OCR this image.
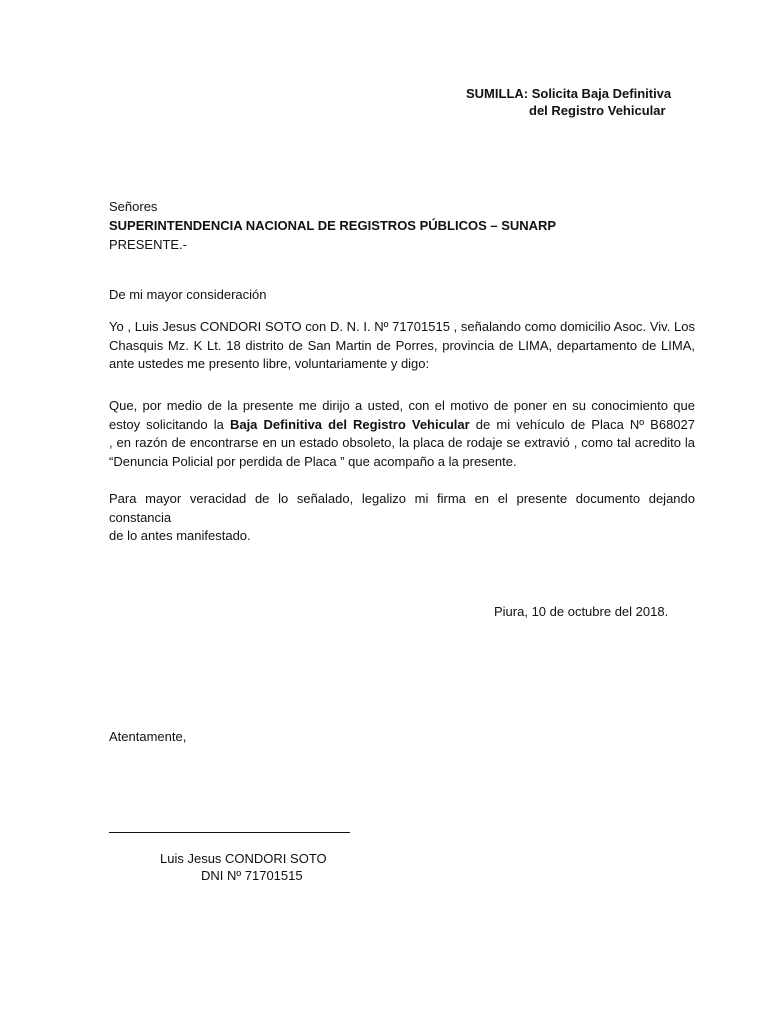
SUMILLA: Solicita Baja Definitiva
del Registro Vehicular
Señores
SUPERINTENDENCIA NACIONAL DE REGISTROS PÚBLICOS – SUNARP
PRESENTE.-
De mi mayor consideración
Yo , Luis Jesus CONDORI SOTO con D. N. I. Nº 71701515 , señalando como domicilio Asoc. Viv. Los
Chasquis Mz. K Lt. 18 distrito de San Martin de Porres, provincia de LIMA, departamento de LIMA,
ante ustedes me presento libre, voluntariamente y digo:
Que, por medio de la presente me dirijo a usted, con el motivo de poner en su conocimiento que
estoy solicitando la Baja Definitiva del Registro Vehicular de mi vehículo de Placa Nº B68027
, en razón de encontrarse en un estado obsoleto, la placa de rodaje se extravió , como tal acredito la
“Denuncia Policial por perdida de Placa ” que acompaño a la presente.
Para mayor veracidad de lo señalado, legalizo mi firma en el presente documento dejando constancia
de lo antes manifestado.
Piura, 10 de octubre del 2018.
Atentamente,
Luis Jesus CONDORI SOTO
DNI Nº 71701515
